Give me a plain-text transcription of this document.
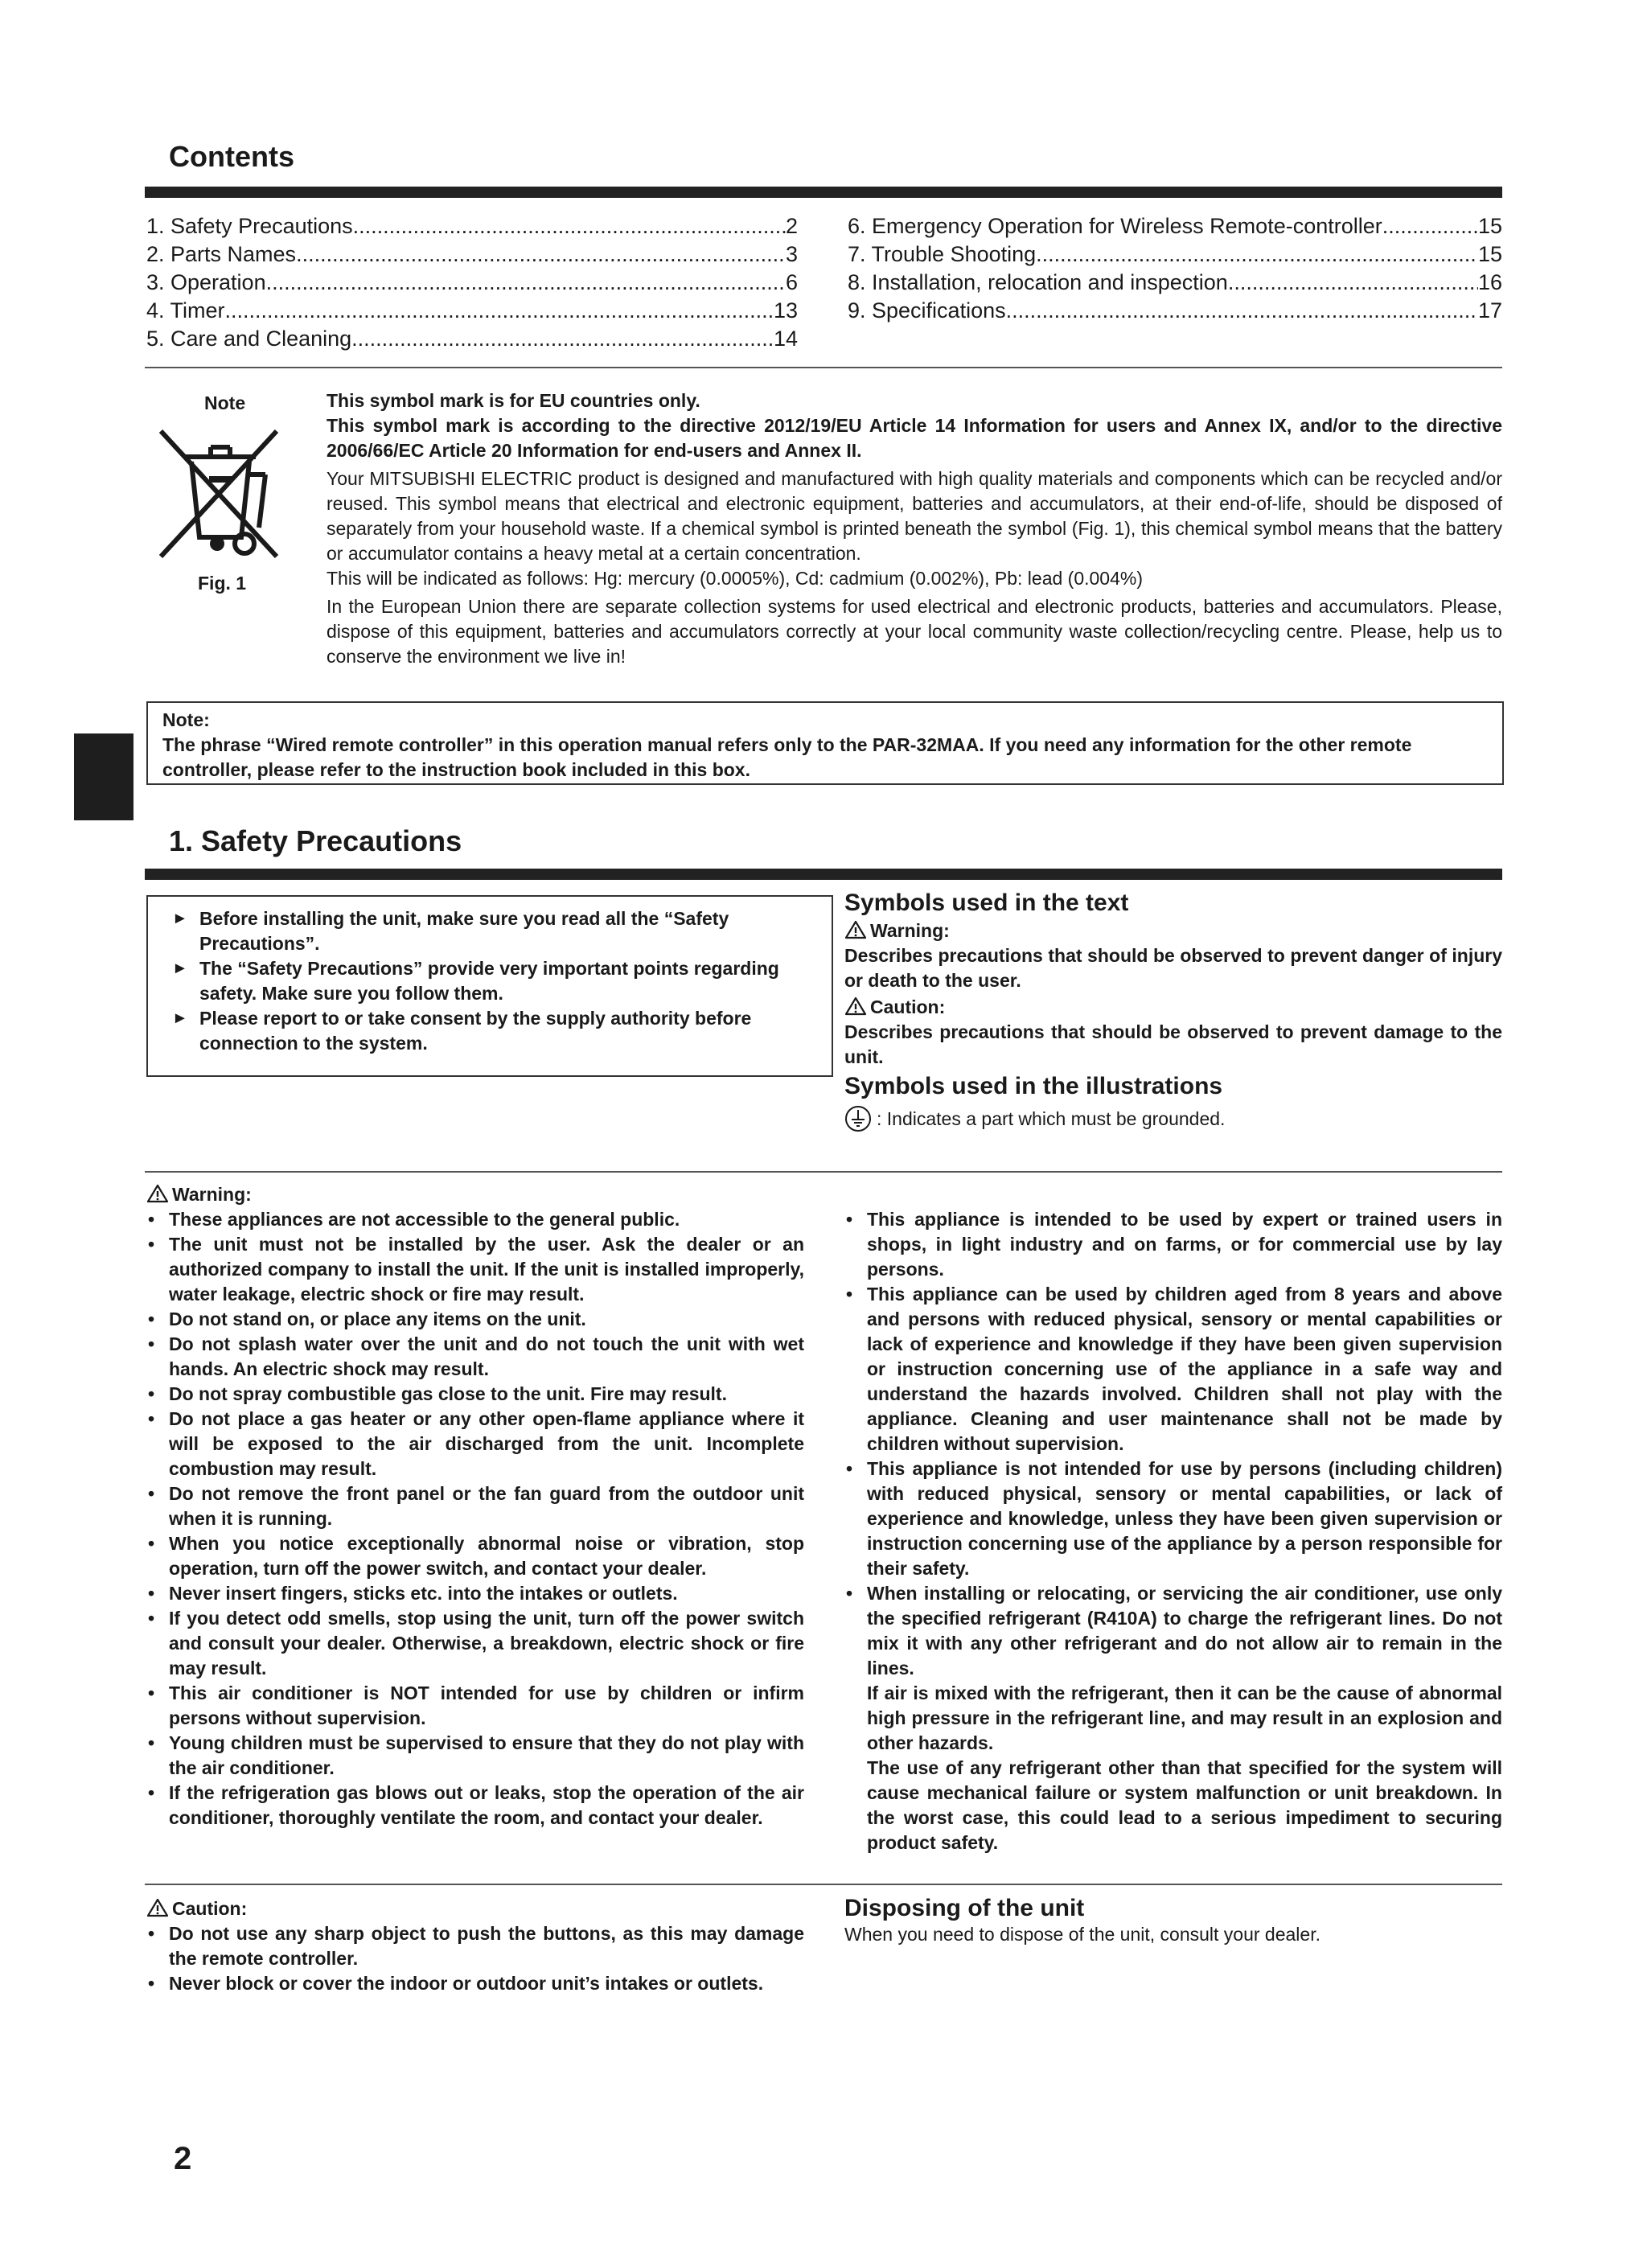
Contents
1. Safety Precautions .....	2
2. Parts Names .....	3
3. Operation .....	6
4. Timer .....	13
5. Care and Cleaning .....	14
6. Emergency Operation for Wireless Remote-controller .....	15
7. Trouble Shooting .....	15
8. Installation, relocation and inspection .....	16
9. Specifications .....	17
Note
Fig. 1
This symbol mark is for EU countries only.
This symbol mark is according to the directive 2012/19/EU Article 14 Information for users and Annex IX, and/or to the directive 2006/66/EC Article 20 Information for end-users and Annex II.
Your MITSUBISHI ELECTRIC product is designed and manufactured with high quality materials and components which can be recycled and/or reused. This symbol means that electrical and electronic equipment, batteries and accumulators, at their end-of-life, should be disposed of separately from your household waste. If a chemical symbol is printed beneath the symbol (Fig. 1), this chemical symbol means that the battery or accumulator contains a heavy metal at a certain concentration.
This will be indicated as follows: Hg: mercury (0.0005%), Cd: cadmium (0.002%), Pb: lead (0.004%)
In the European Union there are separate collection systems for used electrical and electronic products, batteries and accumulators. Please, dispose of this equipment, batteries and accumulators correctly at your local community waste collection/recycling centre. Please, help us to conserve the environment we live in!
Note:
The phrase “Wired remote controller” in this operation manual refers only to the PAR-32MAA. If you need any information for the other remote controller, please refer to the instruction book included in this box.
1. Safety Precautions
► Before installing the unit, make sure you read all the “Safety Precautions”.
► The “Safety Precautions” provide very important points regarding safety. Make sure you follow them.
► Please report to or take consent by the supply authority before connection to the system.
Symbols used in the text
Warning:
Describes precautions that should be observed to prevent danger of injury or death to the user.
Caution:
Describes precautions that should be observed to prevent damage to the unit.
Symbols used in the illustrations
: Indicates a part which must be grounded.
Warning:
• These appliances are not accessible to the general public.
• The unit must not be installed by the user. Ask the dealer or an authorized company to install the unit. If the unit is installed improperly, water leakage, electric shock or fire may result.
• Do not stand on, or place any items on the unit.
• Do not splash water over the unit and do not touch the unit with wet hands. An electric shock may result.
• Do not spray combustible gas close to the unit. Fire may result.
• Do not place a gas heater or any other open-flame appliance where it will be exposed to the air discharged from the unit. Incomplete combustion may result.
• Do not remove the front panel or the fan guard from the outdoor unit when it is running.
• When you notice exceptionally abnormal noise or vibration, stop operation, turn off the power switch, and contact your dealer.
• Never insert fingers, sticks etc. into the intakes or outlets.
• If you detect odd smells, stop using the unit, turn off the power switch and consult your dealer. Otherwise, a breakdown, electric shock or fire may result.
• This air conditioner is NOT intended for use by children or infirm persons without supervision.
• Young children must be supervised to ensure that they do not play with the air conditioner.
• If the refrigeration gas blows out or leaks, stop the operation of the air conditioner, thoroughly ventilate the room, and contact your dealer.
• This appliance is intended to be used by expert or trained users in shops, in light industry and on farms, or for commercial use by lay persons.
• This appliance can be used by children aged from 8 years and above and persons with reduced physical, sensory or mental capabilities or lack of experience and knowledge if they have been given supervision or instruction concerning use of the appliance in a safe way and understand the hazards involved. Children shall not play with the appliance. Cleaning and user maintenance shall not be made by children without supervision.
• This appliance is not intended for use by persons (including children) with reduced physical, sensory or mental capabilities, or lack of experience and knowledge, unless they have been given supervision or instruction concerning use of the appliance by a person responsible for their safety.
• When installing or relocating, or servicing the air conditioner, use only the specified refrigerant (R410A) to charge the refrigerant lines. Do not mix it with any other refrigerant and do not allow air to remain in the lines.
If air is mixed with the refrigerant, then it can be the cause of abnormal high pressure in the refrigerant line, and may result in an explosion and other hazards.
The use of any refrigerant other than that specified for the system will cause mechanical failure or system malfunction or unit breakdown. In the worst case, this could lead to a serious impediment to securing product safety.
Caution:
• Do not use any sharp object to push the buttons, as this may damage the remote controller.
• Never block or cover the indoor or outdoor unit’s intakes or outlets.
Disposing of the unit
When you need to dispose of the unit, consult your dealer.
2
